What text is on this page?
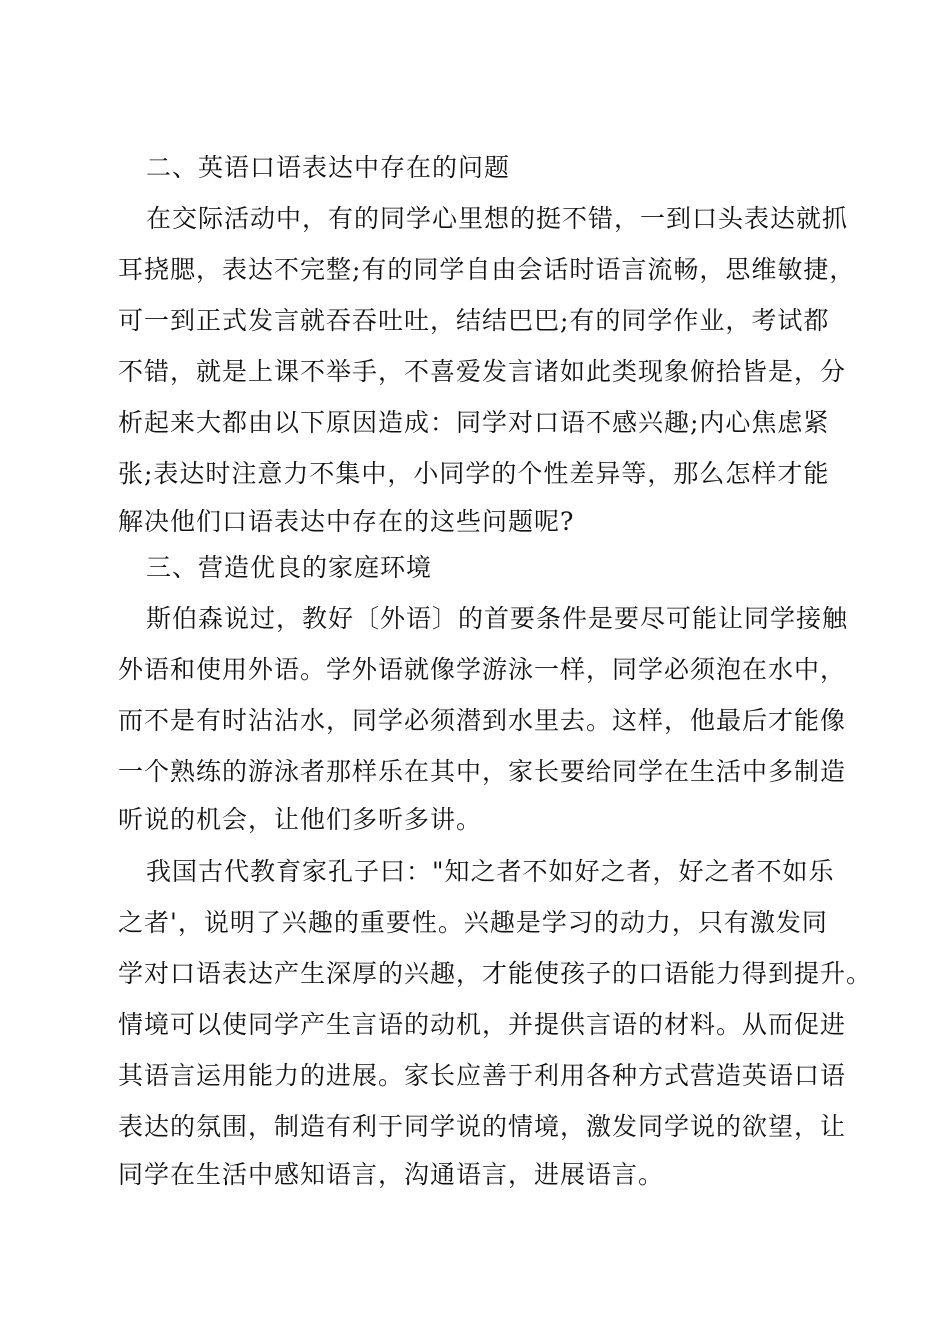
二、英语口语表达中存在的问题
在交际活动中，有的同学心里想的挺不错，一到口头表达就抓
耳挠腮，表达不完整;有的同学自由会话时语言流畅，思维敏捷，
可一到正式发言就吞吞吐吐，结结巴巴;有的同学作业，考试都
不错，就是上课不举手，不喜爱发言诸如此类现象俯拾皆是，分
析起来大都由以下原因造成：同学对口语不感兴趣;内心焦虑紧
张;表达时注意力不集中，小同学的个性差异等，那么怎样才能
解决他们口语表达中存在的这些问题呢?
三、营造优良的家庭环境
斯伯森说过，教好〔外语〕的首要条件是要尽可能让同学接触
外语和使用外语。学外语就像学游泳一样，同学必须泡在水中，
而不是有时沾沾水，同学必须潜到水里去。这样，他最后才能像
一个熟练的游泳者那样乐在其中，家长要给同学在生活中多制造
听说的机会，让他们多听多讲。
我国古代教育家孔子曰："知之者不如好之者，好之者不如乐
之者'，说明了兴趣的重要性。兴趣是学习的动力，只有激发同
学对口语表达产生深厚的兴趣，才能使孩子的口语能力得到提升。
情境可以使同学产生言语的动机，并提供言语的材料。从而促进
其语言运用能力的进展。家长应善于利用各种方式营造英语口语
表达的氛围，制造有利于同学说的情境，激发同学说的欲望，让
同学在生活中感知语言，沟通语言，进展语言。
